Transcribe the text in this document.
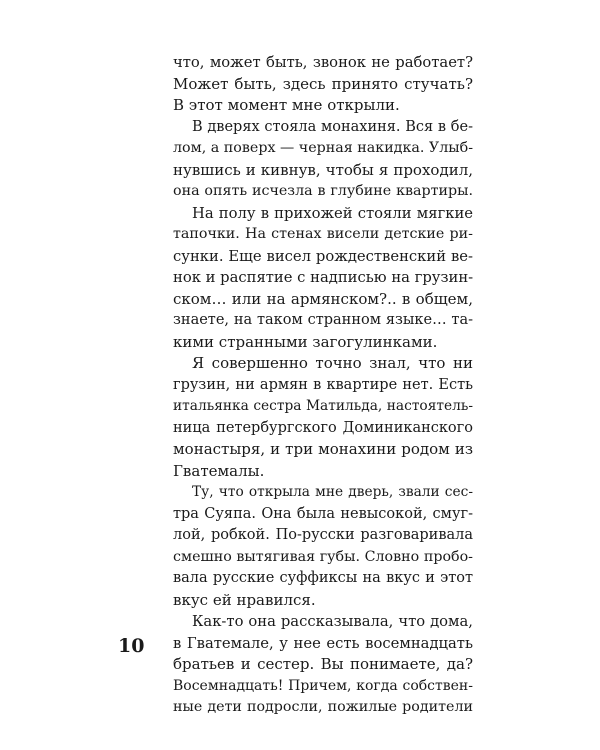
что, может быть, звонок не работает?
Может быть, здесь принято стучать?
В этот момент мне открыли.
В дверях стояла монахиня. Вся в бе-
лом, а поверх — черная накидка. Улыб-
нувшись и кивнув, чтобы я проходил,
она опять исчезла в глубине квартиры.
На полу в прихожей стояли мягкие
тапочки. На стенах висели детские ри-
сунки. Еще висел рождественский ве-
нок и распятие с надписью на грузин-
ском… или на армянском?.. в общем,
знаете, на таком странном языке… та-
кими странными загогулинками.
Я совершенно точно знал, что ни
грузин, ни армян в квартире нет. Есть
итальянка сестра Матильда, настоятель-
ница петербургского Доминиканского
монастыря, и три монахини родом из
Гватемалы.
Ту, что открыла мне дверь, звали сес-
тра Суяпа. Она была невысокой, смуг-
лой, робкой. По-русски разговаривала
смешно вытягивая губы. Словно пробо-
вала русские суффиксы на вкус и этот
вкус ей нравился.
Как-то она рассказывала, что дома,
в Гватемале, у нее есть восемнадцать
братьев и сестер. Вы понимаете, да?
Восемнадцать! Причем, когда собствен-
ные дети подросли, пожилые родители
10
